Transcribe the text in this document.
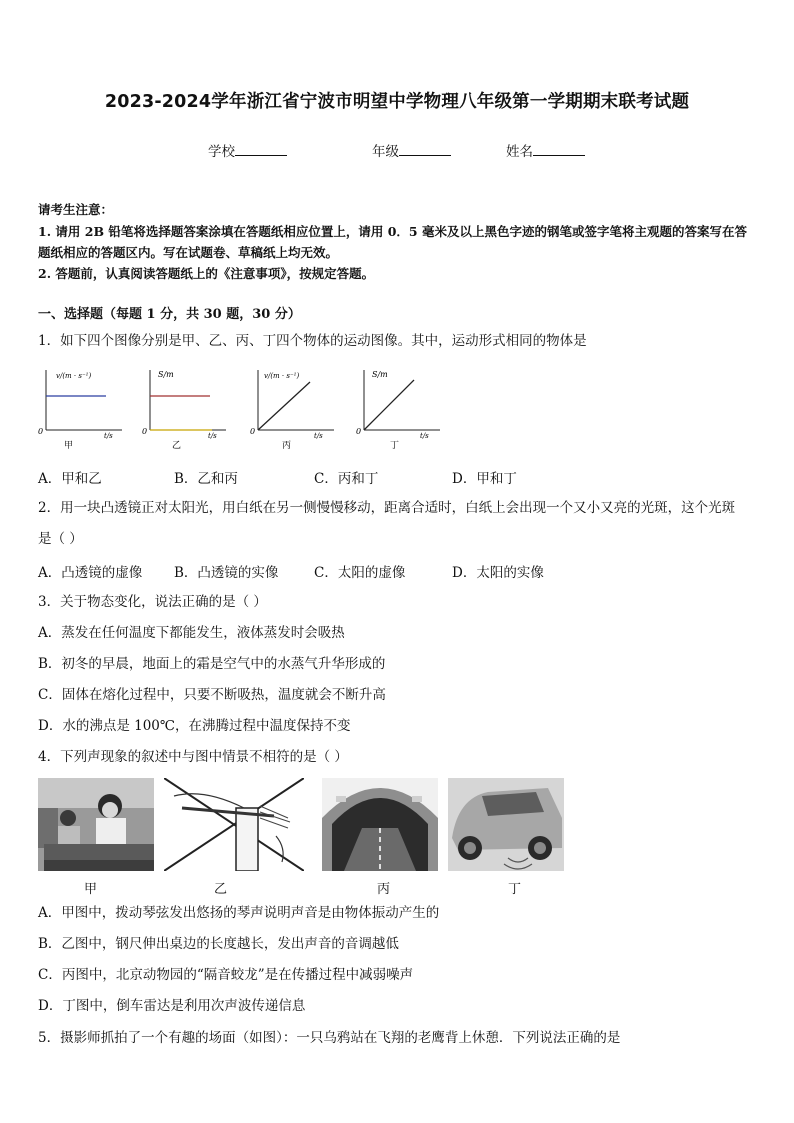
2023-2024学年浙江省宁波市明望中学物理八年级第一学期期末联考试题
学校	年级	姓名
请考生注意：
1. 请用 2B 铅笔将选择题答案涂填在答题纸相应位置上，请用 0．5 毫米及以上黑色字迹的钢笔或签字笔将主观题的答案写在答题纸相应的答题区内。写在试题卷、草稿纸上均无效。
2. 答题前，认真阅读答题纸上的《注意事项》，按规定答题。
一、选择题（每题 1 分，共 30 题，30 分）
1．如下四个图像分别是甲、乙、丙、丁四个物体的运动图像。其中，运动形式相同的物体是
v/(m · s⁻¹)
t/s
0
甲
S/m
t/s
0
乙
v/(m · s⁻¹)
t/s
0
丙
S/m
t/s
0
丁
A．甲和乙	B．乙和丙	C．丙和丁	D．甲和丁
2．用一块凸透镜正对太阳光，用白纸在另一侧慢慢移动，距离合适时，白纸上会出现一个又小又亮的光斑，这个光斑
是（ ）
A．凸透镜的虚像 B．凸透镜的实像	C．太阳的虚像	D．太阳的实像
3．关于物态变化，说法正确的是（ ）
A．蒸发在任何温度下都能发生，液体蒸发时会吸热
B．初冬的早晨，地面上的霜是空气中的水蒸气升华形成的
C．固体在熔化过程中，只要不断吸热，温度就会不断升高
D．水的沸点是 100℃，在沸腾过程中温度保持不变
4．下列声现象的叙述中与图中情景不相符的是（ ）
甲	乙	丙	丁
A．甲图中，拨动琴弦发出悠扬的琴声说明声音是由物体振动产生的
B．乙图中，钢尺伸出桌边的长度越长，发出声音的音调越低
C．丙图中，北京动物园的“隔音蛟龙”是在传播过程中减弱噪声
D．丁图中，倒车雷达是利用次声波传递信息
5．摄影师抓拍了一个有趣的场面（如图）：一只乌鸦站在飞翔的老鹰背上休憩．下列说法正确的是
